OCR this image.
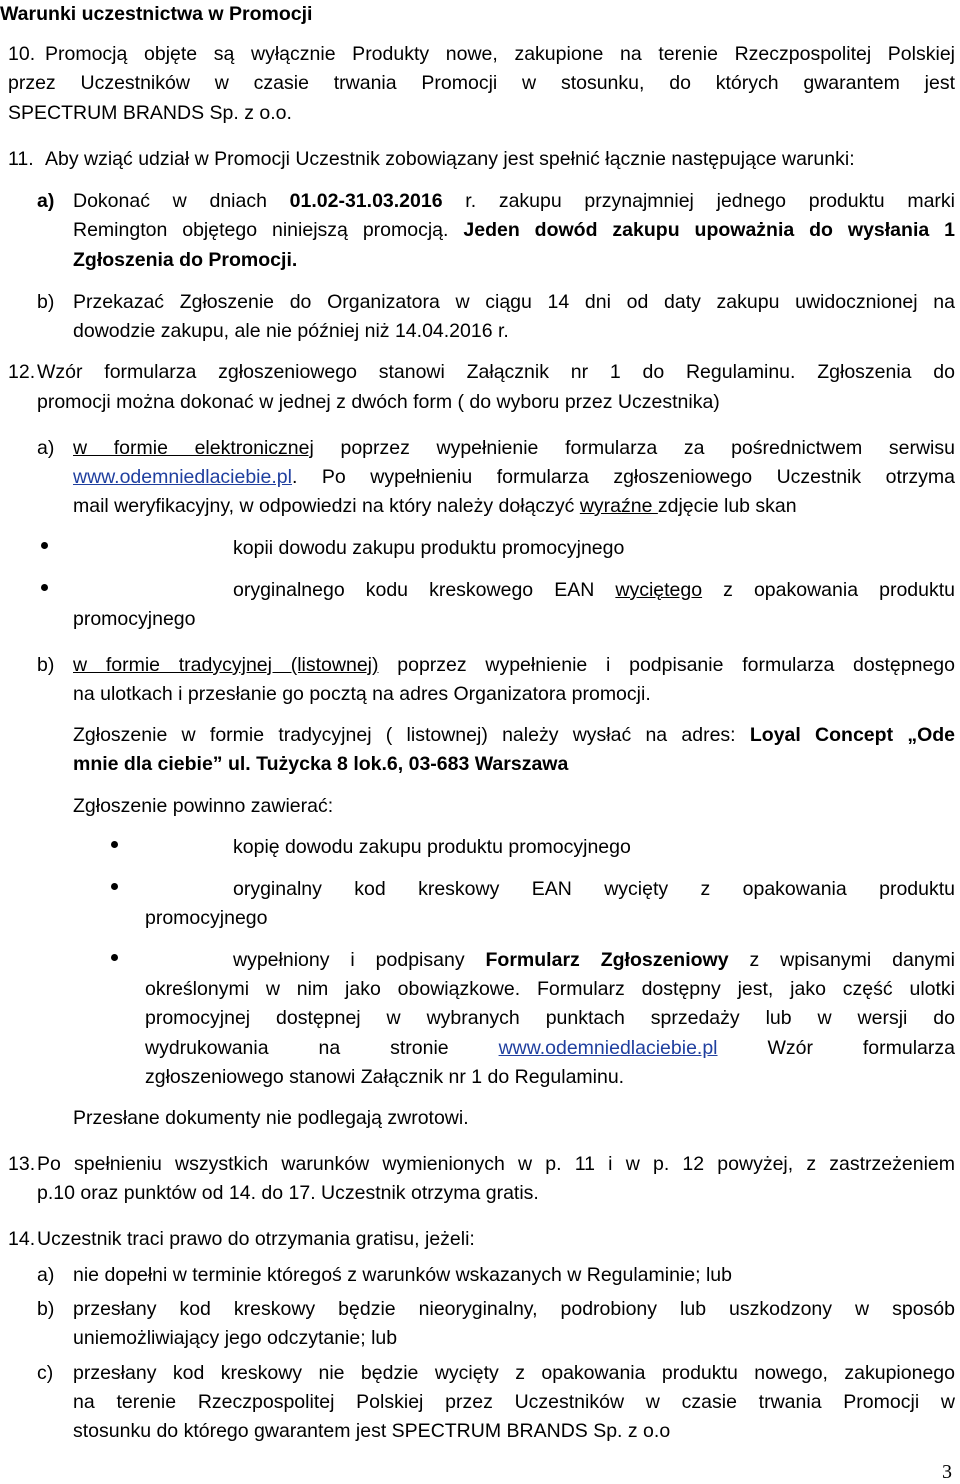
Warunki uczestnictwa w Promocji
10. Promocją objęte są wyłącznie Produkty nowe, zakupione na terenie Rzeczpospolitej Polskiej
przez Uczestników w czasie trwania Promocji w stosunku, do których gwarantem jest
SPECTRUM BRANDS Sp. z o.o.
11. Aby wziąć udział w Promocji Uczestnik zobowiązany jest spełnić łącznie następujące warunki:
a) Dokonać w dniach 01.02-31.03.2016 r. zakupu przynajmniej jednego produktu marki
Remington objętego niniejszą promocją. Jeden dowód zakupu upoważnia do wysłania 1
Zgłoszenia do Promocji.
b) Przekazać Zgłoszenie do Organizatora w ciągu 14 dni od daty zakupu uwidocznionej na
dowodzie zakupu, ale nie później niż 14.04.2016 r.
12. Wzór formularza zgłoszeniowego stanowi Załącznik nr 1 do Regulaminu. Zgłoszenia do
promocji można dokonać w jednej z dwóch form ( do wyboru przez Uczestnika)
a) w formie elektronicznej poprzez wypełnienie formularza za pośrednictwem serwisu
www.odemniedlaciebie.pl. Po wypełnieniu formularza zgłoszeniowego Uczestnik otrzyma
mail weryfikacyjny, w odpowiedzi na który należy dołączyć wyraźne zdjęcie lub skan
kopii dowodu zakupu produktu promocyjnego
oryginalnego kodu kreskowego EAN wyciętego z opakowania produktu
promocyjnego
b) w formie tradycyjnej (listownej) poprzez wypełnienie i podpisanie formularza dostępnego
na ulotkach i przesłanie go pocztą na adres Organizatora promocji.
Zgłoszenie w formie tradycyjnej ( listownej) należy wysłać na adres: Loyal Concept „Ode
mnie dla ciebie” ul. Tużycka 8 lok.6, 03-683 Warszawa
Zgłoszenie powinno zawierać:
kopię dowodu zakupu produktu promocyjnego
oryginalny kod kreskowy EAN wycięty z opakowania produktu
promocyjnego
wypełniony i podpisany Formularz Zgłoszeniowy z wpisanymi danymi
określonymi w nim jako obowiązkowe. Formularz dostępny jest, jako część ulotki
promocyjnej dostępnej w wybranych punktach sprzedaży lub w wersji do
wydrukowania na stronie www.odemniedlaciebie.pl Wzór formularza
zgłoszeniowego stanowi Załącznik nr 1 do Regulaminu.
Przesłane dokumenty nie podlegają zwrotowi.
13. Po spełnieniu wszystkich warunków wymienionych w p. 11 i w p. 12 powyżej, z zastrzeżeniem
p.10 oraz punktów od 14. do 17. Uczestnik otrzyma gratis.
14. Uczestnik traci prawo do otrzymania gratisu, jeżeli:
a) nie dopełni w terminie któregoś z warunków wskazanych w Regulaminie; lub
b) przesłany kod kreskowy będzie nieoryginalny, podrobiony lub uszkodzony w sposób
uniemożliwiający jego odczytanie; lub
c) przesłany kod kreskowy nie będzie wycięty z opakowania produktu nowego, zakupionego
na terenie Rzeczpospolitej Polskiej przez Uczestników w czasie trwania Promocji w
stosunku do którego gwarantem jest SPECTRUM BRANDS Sp. z o.o
3
